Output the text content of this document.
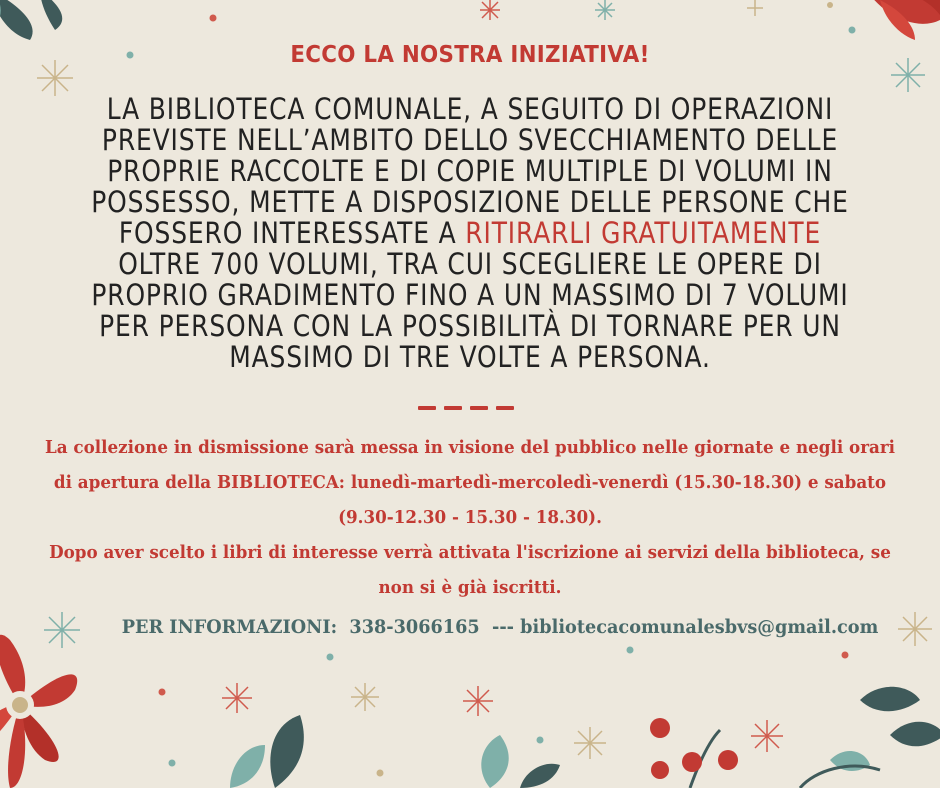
ECCO LA NOSTRA INIZIATIVA!
LA BIBLIOTECA COMUNALE, A SEGUITO DI OPERAZIONI PREVISTE NELL’AMBITO DELLO SVECCHIAMENTO DELLE PROPRIE RACCOLTE E DI COPIE MULTIPLE DI VOLUMI IN POSSESSO, METTE A DISPOSIZIONE DELLE PERSONE CHE FOSSERO INTERESSATE A RITIRARLI GRATUITAMENTE OLTRE 700 VOLUMI, TRA CUI SCEGLIERE LE OPERE DI PROPRIO GRADIMENTO FINO A UN MASSIMO DI 7 VOLUMI PER PERSONA CON LA POSSIBILITÀ DI TORNARE PER UN MASSIMO DI TRE VOLTE A PERSONA.
La collezione in dismissione sarà messa in visione del pubblico nelle giornate e negli orari di apertura della BIBLIOTECA: lunedì-martedì-mercoledì-venerdì (15.30-18.30) e sabato (9.30-12.30 - 15.30 - 18.30).
Dopo aver scelto i libri di interesse verrà attivata l'iscrizione ai servizi della biblioteca, se non si è già iscritti.
PER INFORMAZIONI: 338-3066165 --- bibliotecacomunalesbvs@gmail.com
